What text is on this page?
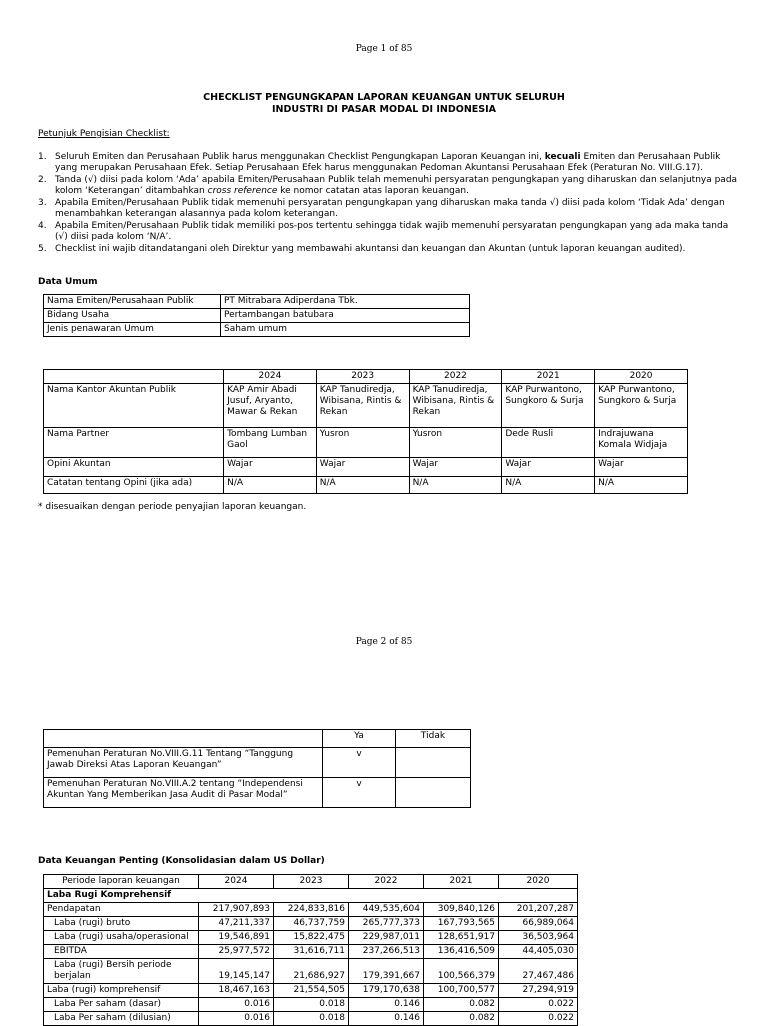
Page 1 of 85
CHECKLIST PENGUNGKAPAN LAPORAN KEUANGAN UNTUK SELURUH
INDUSTRI DI PASAR MODAL DI INDONESIA
Petunjuk Pengisian Checklist:
1. Seluruh Emiten dan Perusahaan Publik harus menggunakan Checklist Pengungkapan Laporan Keuangan ini, kecuali Emiten dan Perusahaan Publik yang merupakan Perusahaan Efek. Setiap Perusahaan Efek harus menggunakan Pedoman Akuntansi Perusahaan Efek (Peraturan No. VIII.G.17).
2. Tanda (√) diisi pada kolom ‘Ada’ apabila Emiten/Perusahaan Publik telah memenuhi persyaratan pengungkapan yang diharuskan dan selanjutnya pada kolom ‘Keterangan’ ditambahkan cross reference ke nomor catatan atas laporan keuangan.
3. Apabila Emiten/Perusahaan Publik tidak memenuhi persyaratan pengungkapan yang diharuskan maka tanda √) diisi pada kolom ‘Tidak Ada’ dengan menambahkan keterangan alasannya pada kolom keterangan.
4. Apabila Emiten/Perusahaan Publik tidak memiliki pos-pos tertentu sehingga tidak wajib memenuhi persyaratan pengungkapan yang ada maka tanda (√) diisi pada kolom ‘N/A’.
5. Checklist ini wajib ditandatangani oleh Direktur yang membawahi akuntansi dan keuangan dan Akuntan (untuk laporan keuangan audited).
Data Umum
Nama Emiten/Perusahaan Publik	PT Mitrabara Adiperdana Tbk.
Bidang Usaha	Pertambangan batubara
Jenis penawaran Umum	Saham umum
	2024	2023	2022	2021	2020
Nama Kantor Akuntan Publik	KAP Amir Abadi Jusuf, Aryanto, Mawar & Rekan	KAP Tanudiredja, Wibisana, Rintis & Rekan	KAP Tanudiredja, Wibisana, Rintis & Rekan	KAP Purwantono, Sungkoro & Surja	KAP Purwantono, Sungkoro & Surja
Nama Partner	Tombang Lumban Gaol	Yusron	Yusron	Dede Rusli	Indrajuwana Komala Widjaja
Opini Akuntan	Wajar	Wajar	Wajar	Wajar	Wajar
Catatan tentang Opini (jika ada)	N/A	N/A	N/A	N/A	N/A
* disesuaikan dengan periode penyajian laporan keuangan.
Page 2 of 85
	Ya	Tidak
Pemenuhan Peraturan No.VIII.G.11 Tentang “Tanggung Jawab Direksi Atas Laporan Keuangan”	v	
Pemenuhan Peraturan No.VIII.A.2 tentang “Independensi Akuntan Yang Memberikan Jasa Audit di Pasar Modal”	v	
Data Keuangan Penting (Konsolidasian dalam US Dollar)
Periode laporan keuangan	2024	2023	2022	2021	2020
Laba Rugi Komprehensif					
Pendapatan	217,907,893	224,833,816	449,535,604	309,840,126	201,207,287
Laba (rugi) bruto	47,211,337	46,737,759	265,777,373	167,793,565	66,989,064
Laba (rugi) usaha/operasional	19,546,891	15,822,475	229,987,011	128,651,917	36,503,964
EBITDA	25,977,572	31,616,711	237,266,513	136,416,509	44,405,030
Laba (rugi) Bersih periode berjalan	19,145,147	21,686,927	179,391,667	100,566,379	27,467,486
Laba (rugi) komprehensif	18,467,163	21,554,505	179,170,638	100,700,577	27,294,919
Laba Per saham (dasar)	0.016	0.018	0.146	0.082	0.022
Laba Per saham (dilusian)	0.016	0.018	0.146	0.082	0.022
